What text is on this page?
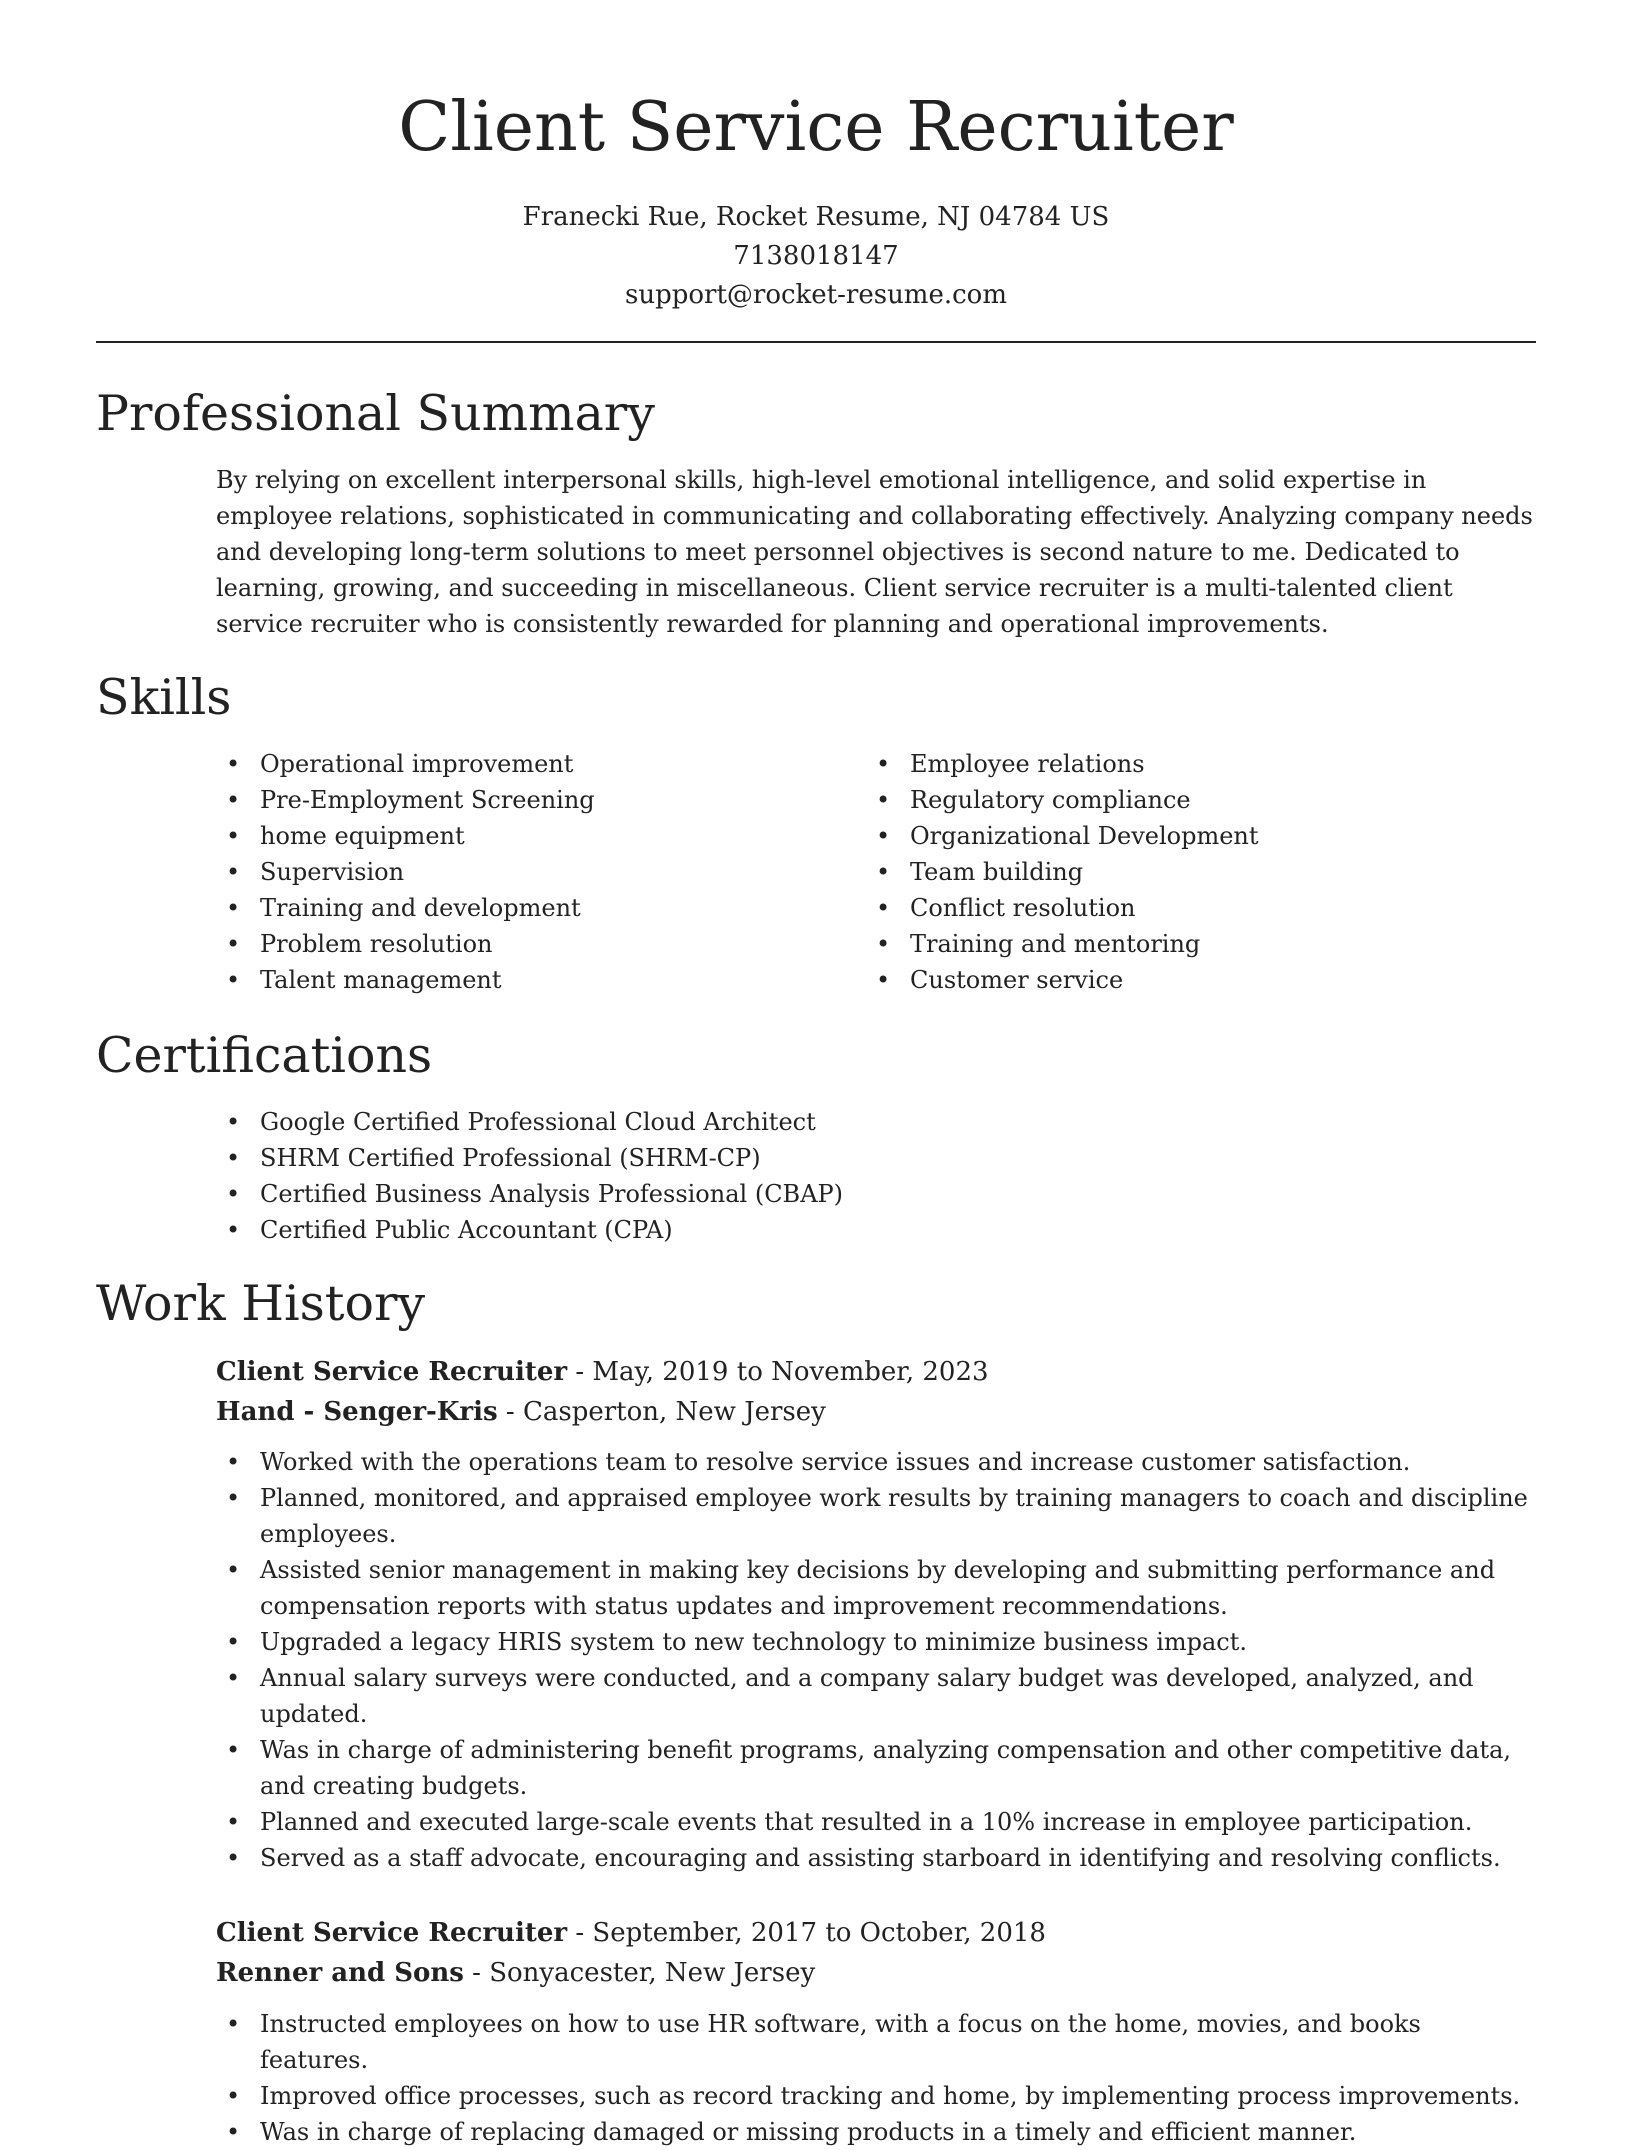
Client Service Recruiter
Franecki Rue, Rocket Resume, NJ 04784 US
7138018147
support@rocket-resume.com
Professional Summary

By relying on excellent interpersonal skills, high-level emotional intelligence, and solid expertise in employee relations, sophisticated in communicating and collaborating effectively. Analyzing company needs and developing long-term solutions to meet personnel objectives is second nature to me. Dedicated to learning, growing, and succeeding in miscellaneous. Client service recruiter is a multi-talented client service recruiter who is consistently rewarded for planning and operational improvements.

Skills
• Operational improvement
• Pre-Employment Screening
• home equipment
• Supervision
• Training and development
• Problem resolution
• Talent management
• Employee relations
• Regulatory compliance
• Organizational Development
• Team building
• Conflict resolution
• Training and mentoring
• Customer service
Certifications
• Google Certified Professional Cloud Architect
• SHRM Certified Professional (SHRM-CP)
• Certified Business Analysis Professional (CBAP)
• Certified Public Accountant (CPA)
Work History
Client Service Recruiter - May, 2019 to November, 2023
Hand - Senger-Kris - Casperton, New Jersey
• Worked with the operations team to resolve service issues and increase customer satisfaction.
• Planned, monitored, and appraised employee work results by training managers to coach and discipline employees.
• Assisted senior management in making key decisions by developing and submitting performance and compensation reports with status updates and improvement recommendations.
• Upgraded a legacy HRIS system to new technology to minimize business impact.
• Annual salary surveys were conducted, and a company salary budget was developed, analyzed, and updated.
• Was in charge of administering benefit programs, analyzing compensation and other competitive data, and creating budgets.
• Planned and executed large-scale events that resulted in a 10% increase in employee participation.
• Served as a staff advocate, encouraging and assisting starboard in identifying and resolving conflicts.
Client Service Recruiter - September, 2017 to October, 2018
Renner and Sons - Sonyacester, New Jersey
• Instructed employees on how to use HR software, with a focus on the home, movies, and books features.
• Improved office processes, such as record tracking and home, by implementing process improvements.
• Was in charge of replacing damaged or missing products in a timely and efficient manner.
